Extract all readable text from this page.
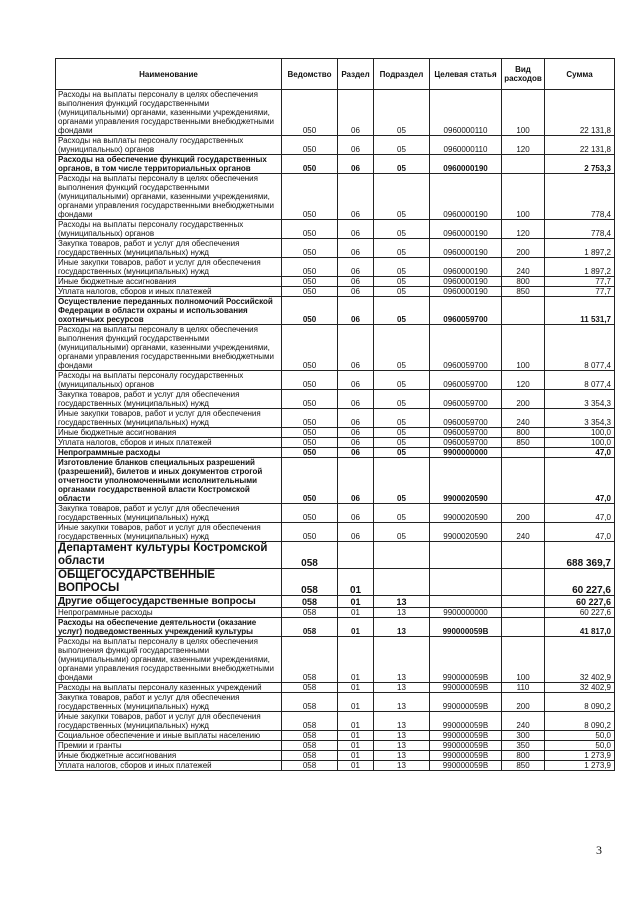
Наименование	Ведомство	Раздел	Подраздел	Целевая статья	Вид расходов	Сумма
Расходы на выплаты персоналу в целях обеспечения выполнения функций государственными (муниципальными) органами, казенными учреждениями, органами управления государственными внебюджетными фондами	050	06	05	0960000110	100	22 131,8
Расходы на выплаты персоналу государственных (муниципальных) органов	050	06	05	0960000110	120	22 131,8
Расходы на обеспечение функций государственных органов, в том числе территориальных органов	050	06	05	0960000190		2 753,3
Расходы на выплаты персоналу в целях обеспечения выполнения функций государственными (муниципальными) органами, казенными учреждениями, органами управления государственными внебюджетными фондами	050	06	05	0960000190	100	778,4
Расходы на выплаты персоналу государственных (муниципальных) органов	050	06	05	0960000190	120	778,4
Закупка товаров, работ и услуг для обеспечения государственных (муниципальных) нужд	050	06	05	0960000190	200	1 897,2
Иные закупки товаров, работ и услуг для обеспечения государственных (муниципальных) нужд	050	06	05	0960000190	240	1 897,2
Иные бюджетные ассигнования	050	06	05	0960000190	800	77,7
Уплата налогов, сборов и иных платежей	050	06	05	0960000190	850	77,7
Осуществление переданных полномочий Российской Федерации в области охраны и использования охотничьих ресурсов	050	06	05	0960059700		11 531,7
Расходы на выплаты персоналу в целях обеспечения выполнения функций государственными (муниципальными) органами, казенными учреждениями, органами управления государственными внебюджетными фондами	050	06	05	0960059700	100	8 077,4
Расходы на выплаты персоналу государственных (муниципальных) органов	050	06	05	0960059700	120	8 077,4
Закупка товаров, работ и услуг для обеспечения государственных (муниципальных) нужд	050	06	05	0960059700	200	3 354,3
Иные закупки товаров, работ и услуг для обеспечения государственных (муниципальных) нужд	050	06	05	0960059700	240	3 354,3
Иные бюджетные ассигнования	050	06	05	0960059700	800	100,0
Уплата налогов, сборов и иных платежей	050	06	05	0960059700	850	100,0
Непрограммные расходы	050	06	05	9900000000		47,0
Изготовление бланков специальных разрешений (разрешений), билетов и иных документов строгой отчетности уполномоченными исполнительными органами государственной власти Костромской области	050	06	05	9900020590		47,0
Закупка товаров, работ и услуг для обеспечения государственных (муниципальных) нужд	050	06	05	9900020590	200	47,0
Иные закупки товаров, работ и услуг для обеспечения государственных (муниципальных) нужд	050	06	05	9900020590	240	47,0
Департамент культуры Костромской области	058					688 369,7
ОБЩЕГОСУДАРСТВЕННЫЕ ВОПРОСЫ	058	01				60 227,6
Другие общегосударственные вопросы	058	01	13			60 227,6
Непрограммные расходы	058	01	13	9900000000		60 227,6
Расходы на обеспечение деятельности (оказание услуг) подведомственных учреждений культуры	058	01	13	990000059В		41 817,0
Расходы на выплаты персоналу в целях обеспечения выполнения функций государственными (муниципальными) органами, казенными учреждениями, органами управления государственными внебюджетными фондами	058	01	13	990000059В	100	32 402,9
Расходы на выплаты персоналу казенных учреждений	058	01	13	990000059В	110	32 402,9
Закупка товаров, работ и услуг для обеспечения государственных (муниципальных) нужд	058	01	13	990000059В	200	8 090,2
Иные закупки товаров, работ и услуг для обеспечения государственных (муниципальных) нужд	058	01	13	990000059В	240	8 090,2
Социальное обеспечение и иные выплаты населению	058	01	13	990000059В	300	50,0
Премии и гранты	058	01	13	990000059В	350	50,0
Иные бюджетные ассигнования	058	01	13	990000059В	800	1 273,9
Уплата налогов, сборов и иных платежей	058	01	13	990000059В	850	1 273,9
3
